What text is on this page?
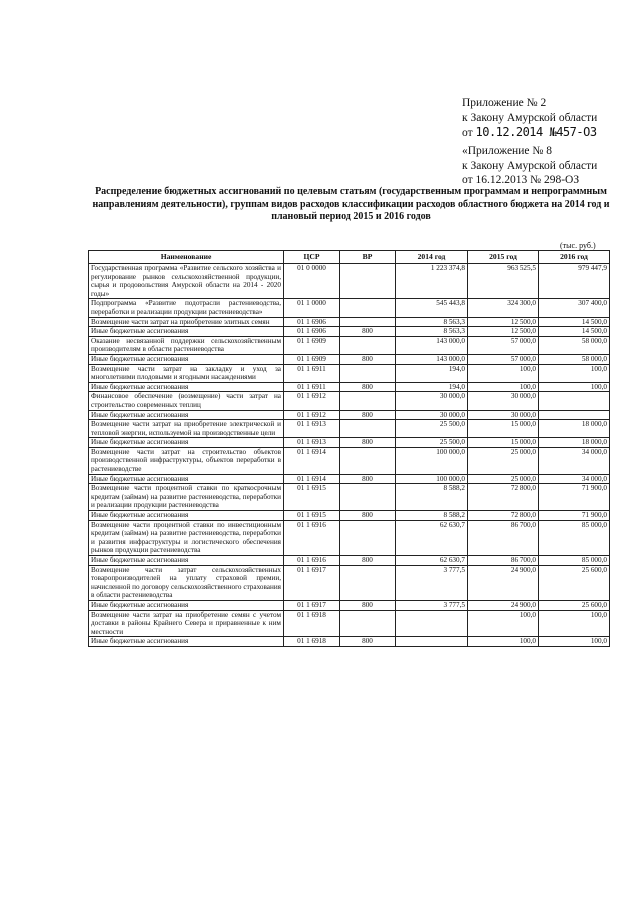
Приложение № 2
к Закону Амурской области
от 10.12.2014 №457-ОЗ
«Приложение № 8
к Закону Амурской области
от 16.12.2013 № 298-ОЗ
Распределение бюджетных ассигнований по целевым статьям (государственным программам и непрограммным направлениям деятельности), группам видов расходов классификации расходов областного бюджета на 2014 год и плановый период 2015 и 2016 годов
(тыс. руб.)
Наименование	ЦСР	ВР	2014 год	2015 год	2016 год
Государственная программа «Развитие сельского хозяйства и регулирование рынков сельскохозяйственной продукции, сырья и продовольствия Амурской области на 2014 - 2020 годы»	01 0 0000		1 223 374,8	963 525,5	979 447,9
Подпрограмма «Развитие подотрасли растениеводства, переработки и реализации продукции растениеводства»	01 1 0000		545 443,8	324 300,0	307 400,0
Возмещение части затрат на приобретение элитных семян	01 1 6906		8 563,3	12 500,0	14 500,0
Иные бюджетные ассигнования	01 1 6906	800	8 563,3	12 500,0	14 500,0
Оказание несвязанной поддержки сельскохозяйственным производителям в области растениеводства	01 1 6909		143 000,0	57 000,0	58 000,0
Иные бюджетные ассигнования	01 1 6909	800	143 000,0	57 000,0	58 000,0
Возмещение части затрат на закладку и уход за многолетними плодовыми и ягодными насаждениями	01 1 6911		194,0	100,0	100,0
Иные бюджетные ассигнования	01 1 6911	800	194,0	100,0	100,0
Финансовое обеспечение (возмещение) части затрат на строительство современных теплиц	01 1 6912		30 000,0	30 000,0	
Иные бюджетные ассигнования	01 1 6912	800	30 000,0	30 000,0	
Возмещение части затрат на приобретение электрической и тепловой энергии, используемой на производственные цели	01 1 6913		25 500,0	15 000,0	18 000,0
Иные бюджетные ассигнования	01 1 6913	800	25 500,0	15 000,0	18 000,0
Возмещение части затрат на строительство объектов производственной инфраструктуры, объектов переработки в растениеводстве	01 1 6914		100 000,0	25 000,0	34 000,0
Иные бюджетные ассигнования	01 1 6914	800	100 000,0	25 000,0	34 000,0
Возмещение части процентной ставки по краткосрочным кредитам (займам) на развитие растениеводства, переработки и реализации продукции растениеводства	01 1 6915		8 588,2	72 800,0	71 900,0
Иные бюджетные ассигнования	01 1 6915	800	8 588,2	72 800,0	71 900,0
Возмещение части процентной ставки по инвестиционным кредитам (займам) на развитие растениеводства, переработки и развития инфраструктуры и логистического обеспечения рынков продукции растениеводства	01 1 6916		62 630,7	86 700,0	85 000,0
Иные бюджетные ассигнования	01 1 6916	800	62 630,7	86 700,0	85 000,0
Возмещение части затрат сельскохозяйственных товаропроизводителей на уплату страховой премии, начисленной по договору сельскохозяйственного страхования в области растениеводства	01 1 6917		3 777,5	24 900,0	25 600,0
Иные бюджетные ассигнования	01 1 6917	800	3 777,5	24 900,0	25 600,0
Возмещение части затрат на приобретение семян с учетом доставки в районы Крайнего Севера и приравненные к ним местности	01 1 6918			100,0	100,0
Иные бюджетные ассигнования	01 1 6918	800		100,0	100,0
